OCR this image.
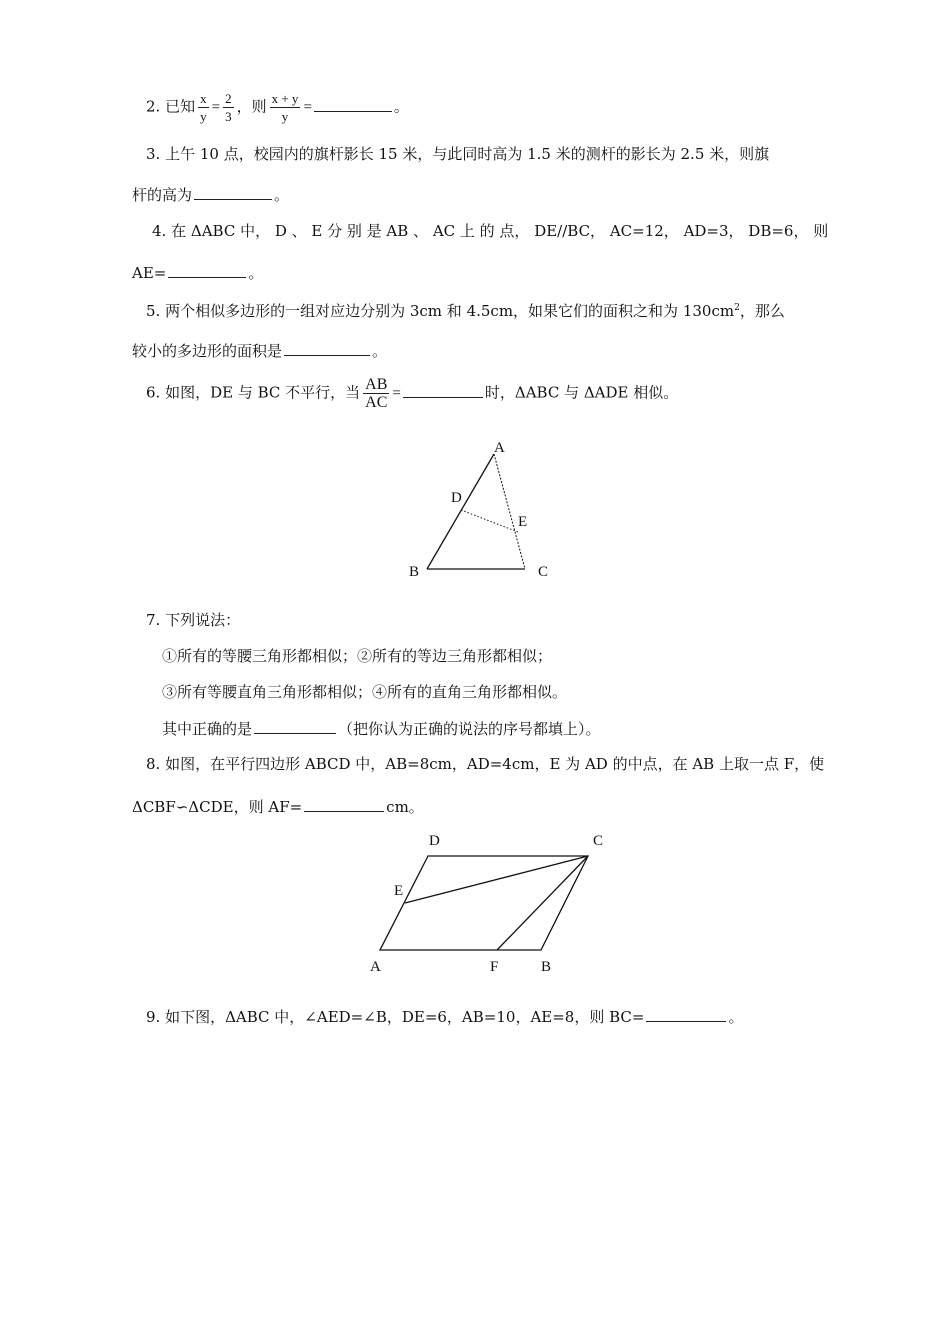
2. 已知 $\frac{x}{y} = \frac{2}{3}$ ，则 $\frac{x + y}{y}$ =	。
3. 上午 10 点，校园内的旗杆影长 15 米，与此同时高为 1.5 米的测杆的影长为 2.5 米，则旗
杆的高为	。
4. 在 ΔABC 中， D 、 E 分 别 是 AB 、 AC 上 的 点， DE//BC， AC=12， AD=3， DB=6， 则
AE=	。
5. 两个相似多边形的一组对应边分别为 3cm 和 4.5cm，如果它们的面积之和为 $130cm^2$，那么
较小的多边形的面积是	。
6. 如图，DE 与 BC 不平行，当 $\frac{AB}{AC}$ =	时，ΔABC 与 ΔADE 相似。
A
D
E
B	C
7. 下列说法：
①所有的等腰三角形都相似；②所有的等边三角形都相似；
③所有等腰直角三角形都相似；④所有的直角三角形都相似。
其中正确的是	（把你认为正确的说法的序号都填上）。
8. 如图，在平行四边形 ABCD 中，AB=8cm，AD=4cm，E 为 AD 的中点，在 AB 上取一点 F，使
ΔCBF∽ΔCDE，则 AF=	cm。
D	C
E
A	F	B
9. 如下图，ΔABC 中，∠AED=∠B，DE=6，AB=10，AE=8，则 BC=	。
